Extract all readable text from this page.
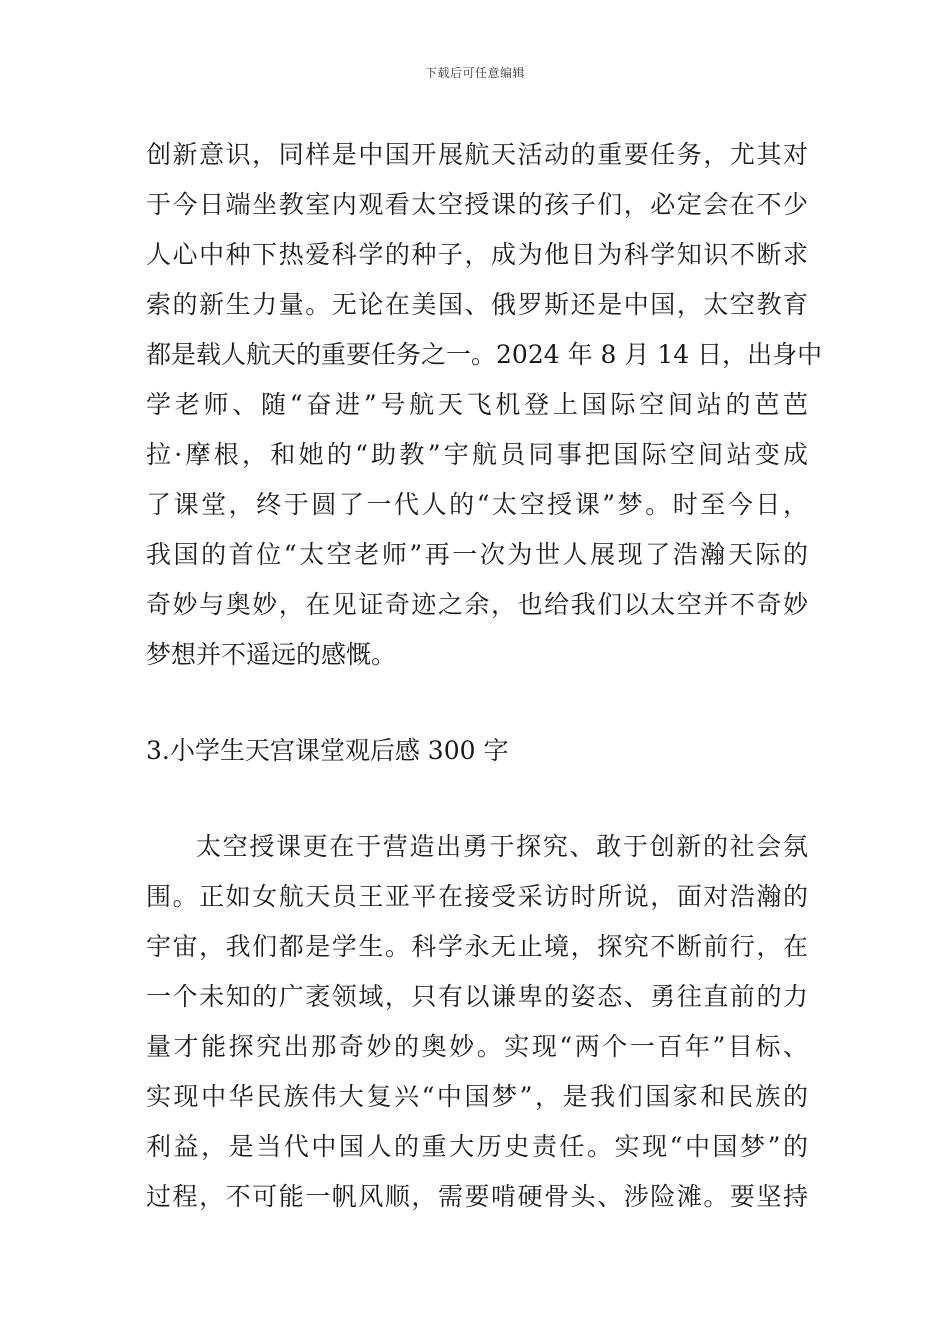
下载后可任意编辑
创新意识，同样是中国开展航天活动的重要任务，尤其对
于今日端坐教室内观看太空授课的孩子们，必定会在不少
人心中种下热爱科学的种子，成为他日为科学知识不断求
索的新生力量。无论在美国、俄罗斯还是中国，太空教育
都是载人航天的重要任务之一。2024 年 8 月 14 日，出身中
学老师、随“奋进”号航天飞机登上国际空间站的芭芭
拉·摩根，和她的“助教”宇航员同事把国际空间站变成
了课堂，终于圆了一代人的“太空授课”梦。时至今日，
我国的首位“太空老师”再一次为世人展现了浩瀚天际的
奇妙与奥妙，在见证奇迹之余，也给我们以太空并不奇妙
梦想并不遥远的感慨。
3.小学生天宫课堂观后感 300 字
太空授课更在于营造出勇于探究、敢于创新的社会氛
围。正如女航天员王亚平在接受采访时所说，面对浩瀚的
宇宙，我们都是学生。科学永无止境，探究不断前行，在
一个未知的广袤领域，只有以谦卑的姿态、勇往直前的力
量才能探究出那奇妙的奥妙。实现“两个一百年”目标、
实现中华民族伟大复兴“中国梦”，是我们国家和民族的
利益，是当代中国人的重大历史责任。实现“中国梦”的
过程，不可能一帆风顺，需要啃硬骨头、涉险滩。要坚持
